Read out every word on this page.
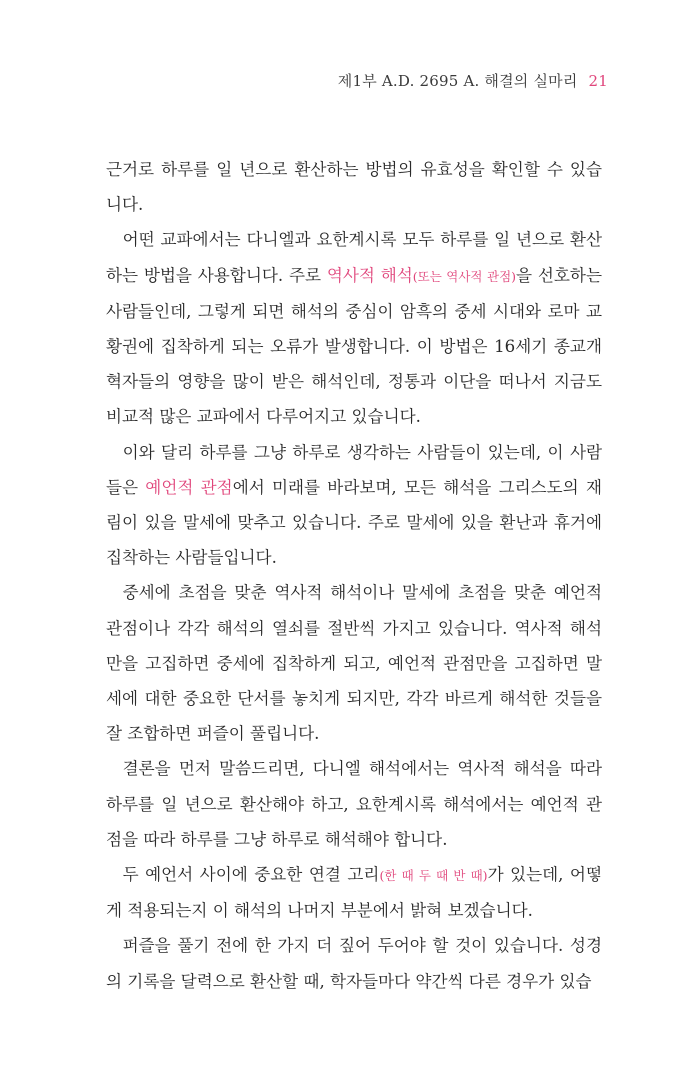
제1부 A.D. 2695 A. 해결의 실마리 21

근거로 하루를 일 년으로 환산하는 방법의 유효성을 확인할 수 있습니다.

어떤 교파에서는 다니엘과 요한계시록 모두 하루를 일 년으로 환산하는 방법을 사용합니다. 주로 역사적 해석(또는 역사적 관점)을 선호하는 사람들인데, 그렇게 되면 해석의 중심이 암흑의 중세 시대와 로마 교황권에 집착하게 되는 오류가 발생합니다. 이 방법은 16세기 종교개혁자들의 영향을 많이 받은 해석인데, 정통과 이단을 떠나서 지금도 비교적 많은 교파에서 다루어지고 있습니다.

이와 달리 하루를 그냥 하루로 생각하는 사람들이 있는데, 이 사람들은 예언적 관점에서 미래를 바라보며, 모든 해석을 그리스도의 재림이 있을 말세에 맞추고 있습니다. 주로 말세에 있을 환난과 휴거에 집착하는 사람들입니다.

중세에 초점을 맞춘 역사적 해석이나 말세에 초점을 맞춘 예언적 관점이나 각각 해석의 열쇠를 절반씩 가지고 있습니다. 역사적 해석만을 고집하면 중세에 집착하게 되고, 예언적 관점만을 고집하면 말세에 대한 중요한 단서를 놓치게 되지만, 각각 바르게 해석한 것들을 잘 조합하면 퍼즐이 풀립니다.

결론을 먼저 말씀드리면, 다니엘 해석에서는 역사적 해석을 따라 하루를 일 년으로 환산해야 하고, 요한계시록 해석에서는 예언적 관점을 따라 하루를 그냥 하루로 해석해야 합니다.

두 예언서 사이에 중요한 연결 고리(한 때 두 때 반 때)가 있는데, 어떻게 적용되는지 이 해석의 나머지 부분에서 밝혀 보겠습니다.

퍼즐을 풀기 전에 한 가지 더 짚어 두어야 할 것이 있습니다. 성경의 기록을 달력으로 환산할 때, 학자들마다 약간씩 다른 경우가 있습
